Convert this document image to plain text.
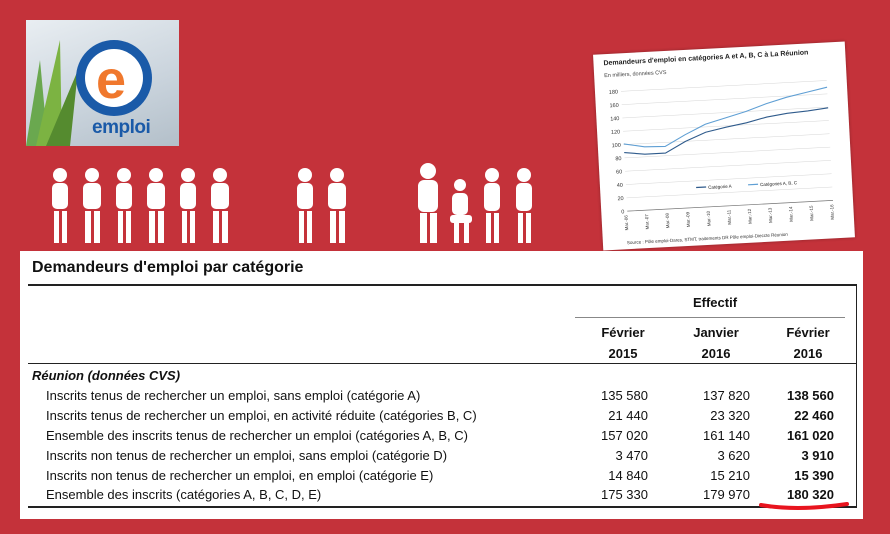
e
emploi
Demandeurs d'emploi en catégories A et A, B, C à La Réunion
En milliers, données CVS
180
160
140
120
100
80
60
40
20
0
Mar.-06	Mar.-07	Mar.-08	Mar.-09	Mar.-10	Mar.-11	Mar.-12	Mar.-13	Mar.-14	Mar.-15	Mar.-16
Catégorie A	Catégories A, B, C
Source : Pôle emploi-Dares, STMT, traitements DR Pôle emploi-Dieccte Réunion
Demandeurs d'emploi par catégorie
Effectif
Février
2015
Janvier
2016
Février
2016
Réunion (données CVS)
Inscrits tenus de rechercher un emploi, sans emploi (catégorie A)	135 580	137 820	138 560
Inscrits tenus de rechercher un emploi, en activité réduite (catégories B, C)	21 440	23 320	22 460
Ensemble des inscrits tenus de rechercher un emploi (catégories A, B, C)	157 020	161 140	161 020
Inscrits non tenus de rechercher un emploi, sans emploi (catégorie D)	3 470	3 620	3 910
Inscrits non tenus de rechercher un emploi, en emploi (catégorie E)	14 840	15 210	15 390
Ensemble des inscrits (catégories A, B, C, D, E)	175 330	179 970	180 320
